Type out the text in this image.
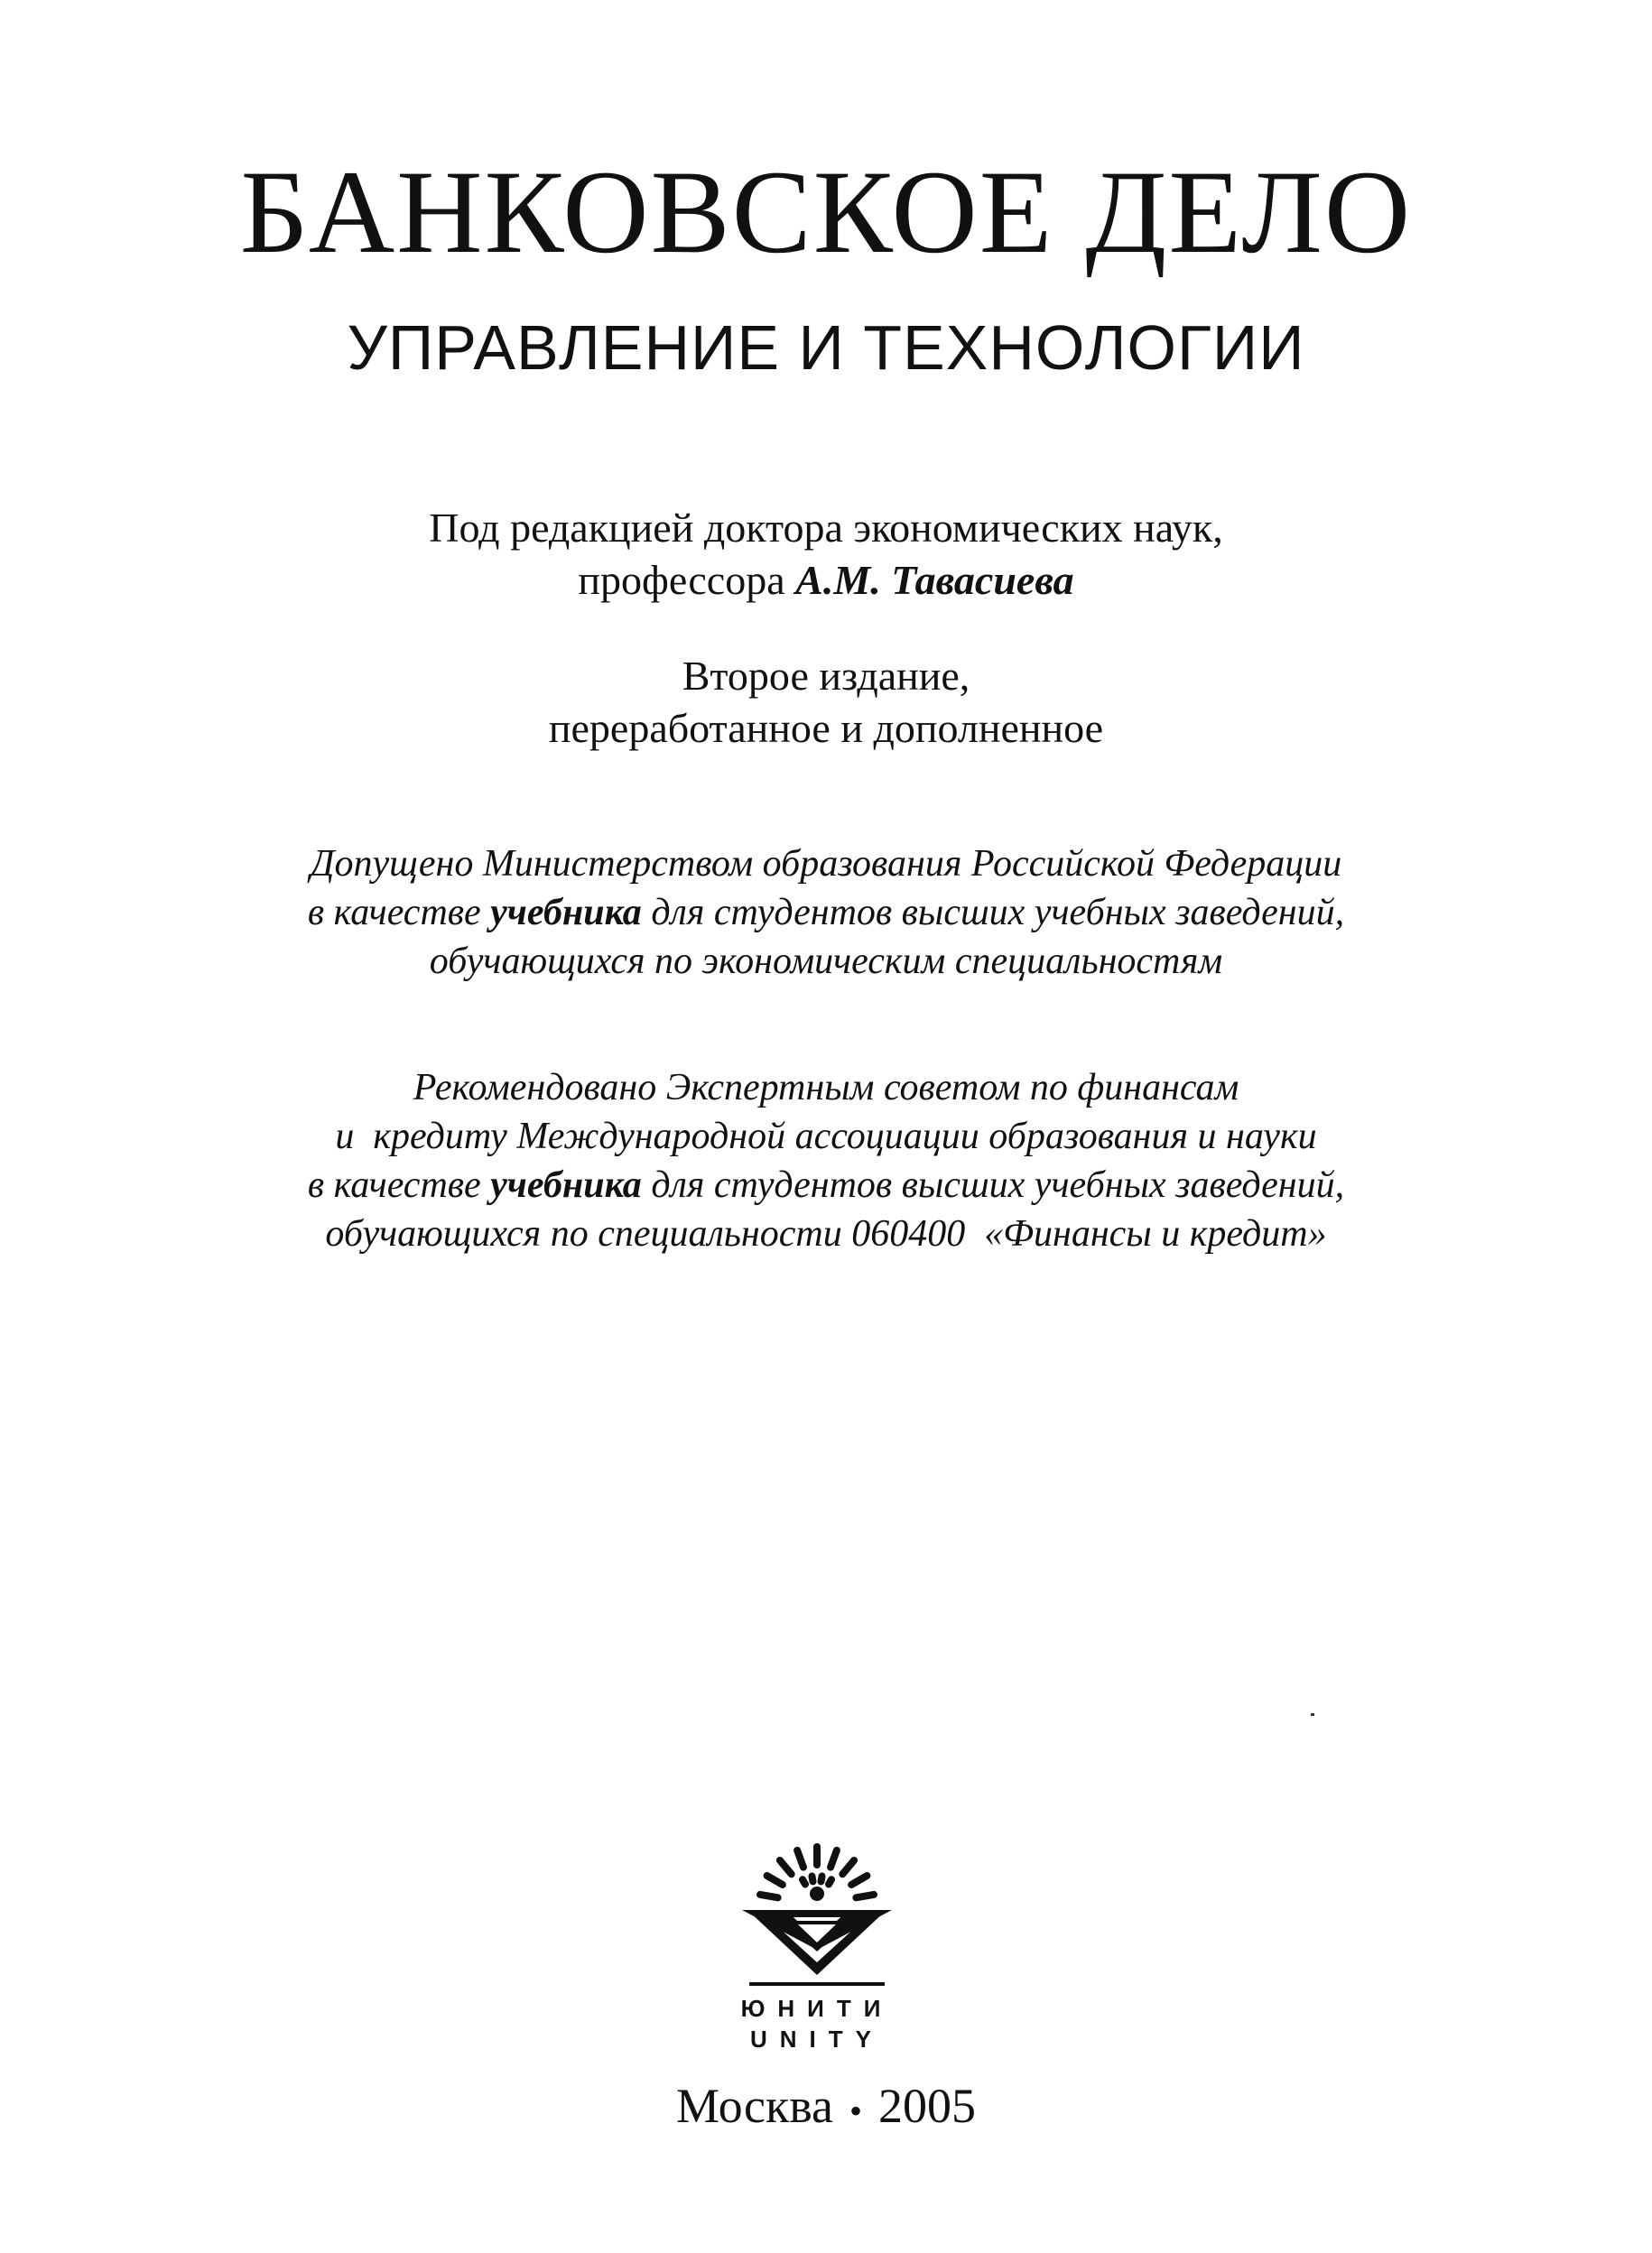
БАНКОВСКОЕ ДЕЛО
УПРАВЛЕНИЕ И ТЕХНОЛОГИИ
Под редакцией доктора экономических наук,
профессора А.М. Тавасиева
Второе издание,
переработанное и дополненное
Допущено Министерством образования Российской Федерации
в качестве учебника для студентов высших учебных заведений,
обучающихся по экономическим специальностям
Рекомендовано Экспертным советом по финансам
и  кредиту Международной ассоциации образования и науки
в качестве учебника для студентов высших учебных заведений,
обучающихся по специальности 060400  «Финансы и кредит»
ЮНИТИ
UNITY
Москва • 2005
